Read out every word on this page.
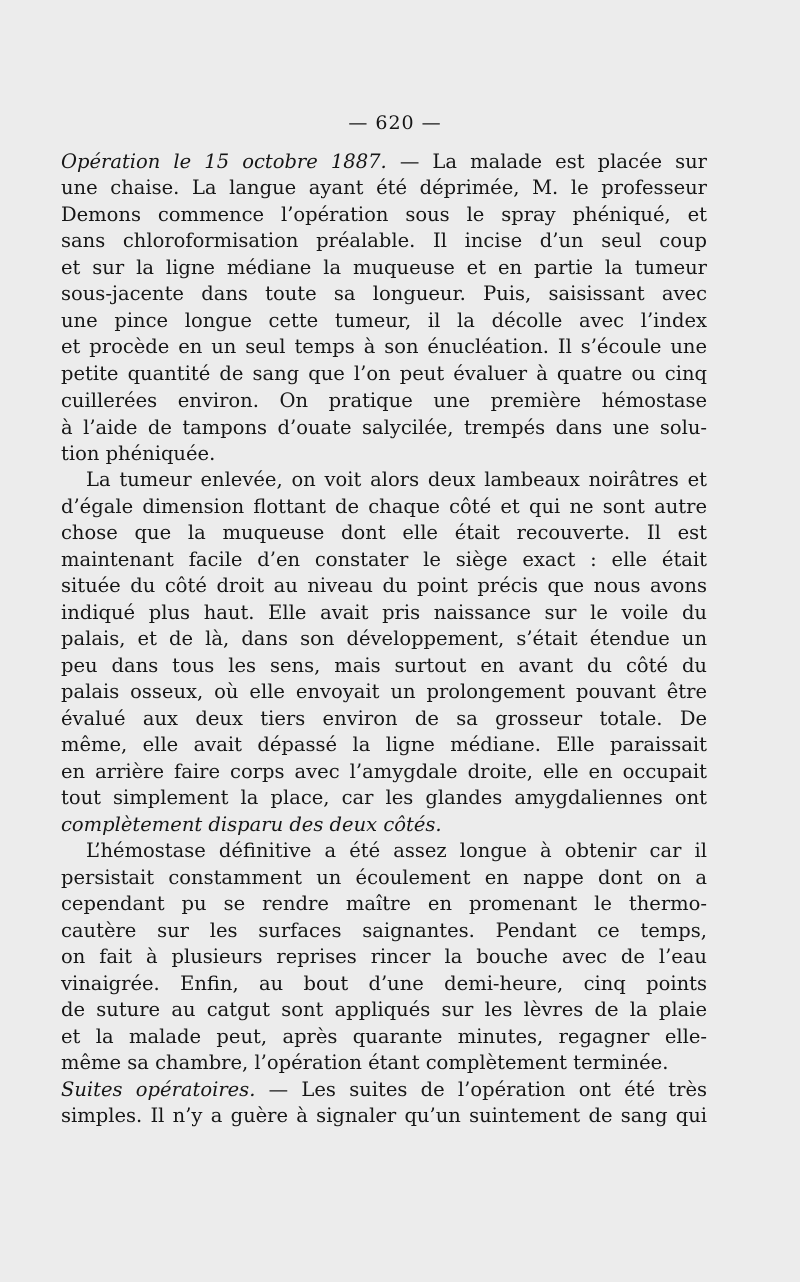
— 620 —
Opération le 15 octobre 1887. — La malade est placée sur
une chaise. La langue ayant été déprimée, M. le professeur
Demons commence l’opération sous le spray phéniqué, et
sans chloroformisation préalable. Il incise d’un seul coup
et sur la ligne médiane la muqueuse et en partie la tumeur
sous-jacente dans toute sa longueur. Puis, saisissant avec
une pince longue cette tumeur, il la décolle avec l’index
et procède en un seul temps à son énucléation. Il s’écoule une
petite quantité de sang que l’on peut évaluer à quatre ou cinq
cuillerées environ. On pratique une première hémostase
à l’aide de tampons d’ouate salycilée, trempés dans une solu-
tion phéniquée.
La tumeur enlevée, on voit alors deux lambeaux noirâtres et
d’égale dimension flottant de chaque côté et qui ne sont autre
chose que la muqueuse dont elle était recouverte. Il est
maintenant facile d’en constater le siège exact : elle était
située du côté droit au niveau du point précis que nous avons
indiqué plus haut. Elle avait pris naissance sur le voile du
palais, et de là, dans son développement, s’était étendue un
peu dans tous les sens, mais surtout en avant du côté du
palais osseux, où elle envoyait un prolongement pouvant être
évalué aux deux tiers environ de sa grosseur totale. De
même, elle avait dépassé la ligne médiane. Elle paraissait
en arrière faire corps avec l’amygdale droite, elle en occupait
tout simplement la place, car les glandes amygdaliennes ont
complètement disparu des deux côtés.
L’hémostase définitive a été assez longue à obtenir car il
persistait constamment un écoulement en nappe dont on a
cependant pu se rendre maître en promenant le thermo-
cautère sur les surfaces saignantes. Pendant ce temps,
on fait à plusieurs reprises rincer la bouche avec de l’eau
vinaigrée. Enfin, au bout d’une demi-heure, cinq points
de suture au catgut sont appliqués sur les lèvres de la plaie
et la malade peut, après quarante minutes, regagner elle-
même sa chambre, l’opération étant complètement terminée.
Suites opératoires. — Les suites de l’opération ont été très
simples. Il n’y a guère à signaler qu’un suintement de sang qui
